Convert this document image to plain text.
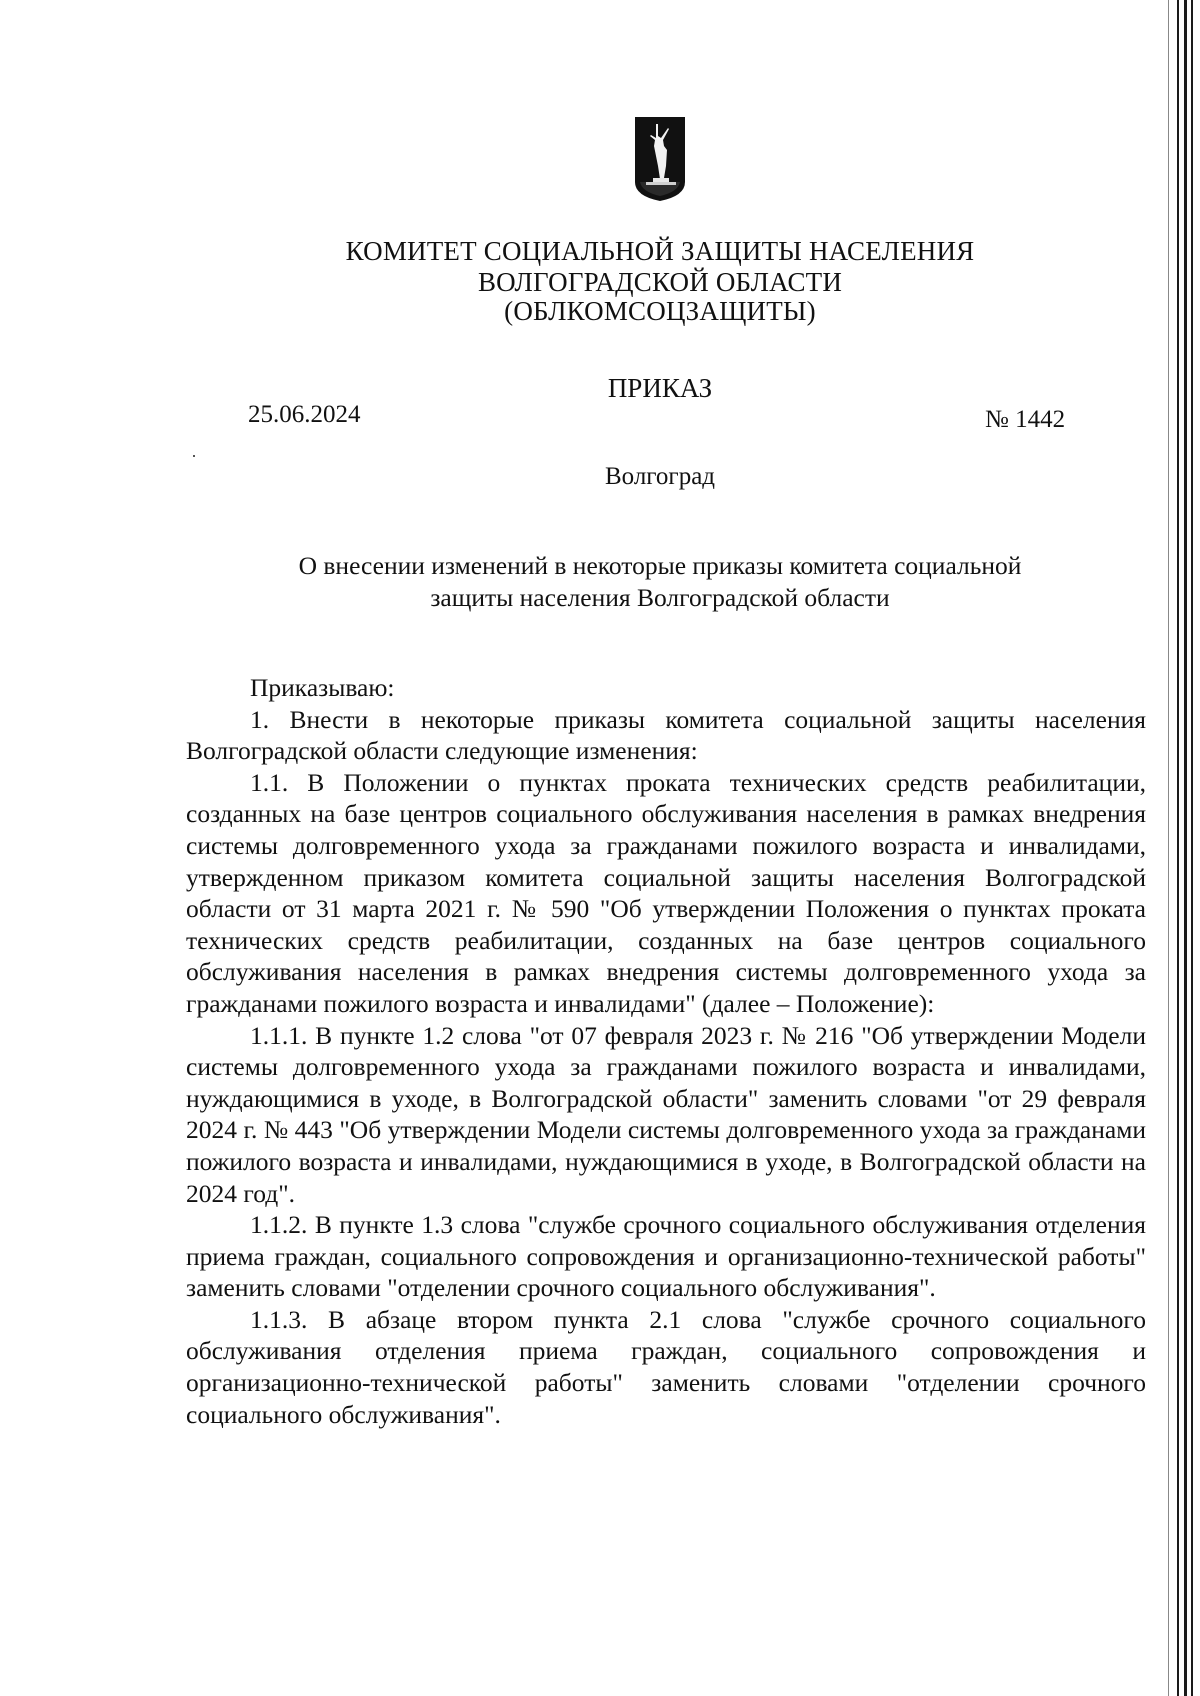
КОМИТЕТ СОЦИАЛЬНОЙ ЗАЩИТЫ НАСЕЛЕНИЯ
ВОЛГОГРАДСКОЙ ОБЛАСТИ
(ОБЛКОМСОЦЗАЩИТЫ)
ПРИКАЗ
25.06.2024	№ 1442
Волгоград
О внесении изменений в некоторые приказы комитета социальной
защиты населения Волгоградской области

Приказываю:

1. Внести в некоторые приказы комитета социальной защиты населения Волгоградской области следующие изменения:

1.1. В Положении о пунктах проката технических средств реабилитации, созданных на базе центров социального обслуживания населения в рамках внедрения системы долговременного ухода за гражданами пожилого возраста и инвалидами, утвержденном приказом комитета социальной защиты населения Волгоградской области от 31 марта 2021 г. № 590 "Об утверждении Положения о пунктах проката технических средств реабилитации, созданных на базе центров социального обслуживания населения в рамках внедрения системы долговременного ухода за гражданами пожилого возраста и инвалидами" (далее – Положение):

1.1.1. В пункте 1.2 слова "от 07 февраля 2023 г. № 216 "Об утверждении Модели системы долговременного ухода за гражданами пожилого возраста и инвалидами, нуждающимися в уходе, в Волгоградской области" заменить словами "от 29 февраля 2024 г. № 443 "Об утверждении Модели системы долговременного ухода за гражданами пожилого возраста и инвалидами, нуждающимися в уходе, в Волгоградской области на 2024 год".

1.1.2. В пункте 1.3 слова "службе срочного социального обслуживания отделения приема граждан, социального сопровождения и организационно-технической работы" заменить словами "отделении срочного социального обслуживания".

1.1.3. В абзаце втором пункта 2.1 слова "службе срочного социального обслуживания отделения приема граждан, социального сопровождения и организационно-технической работы" заменить словами "отделении срочного социального обслуживания".
